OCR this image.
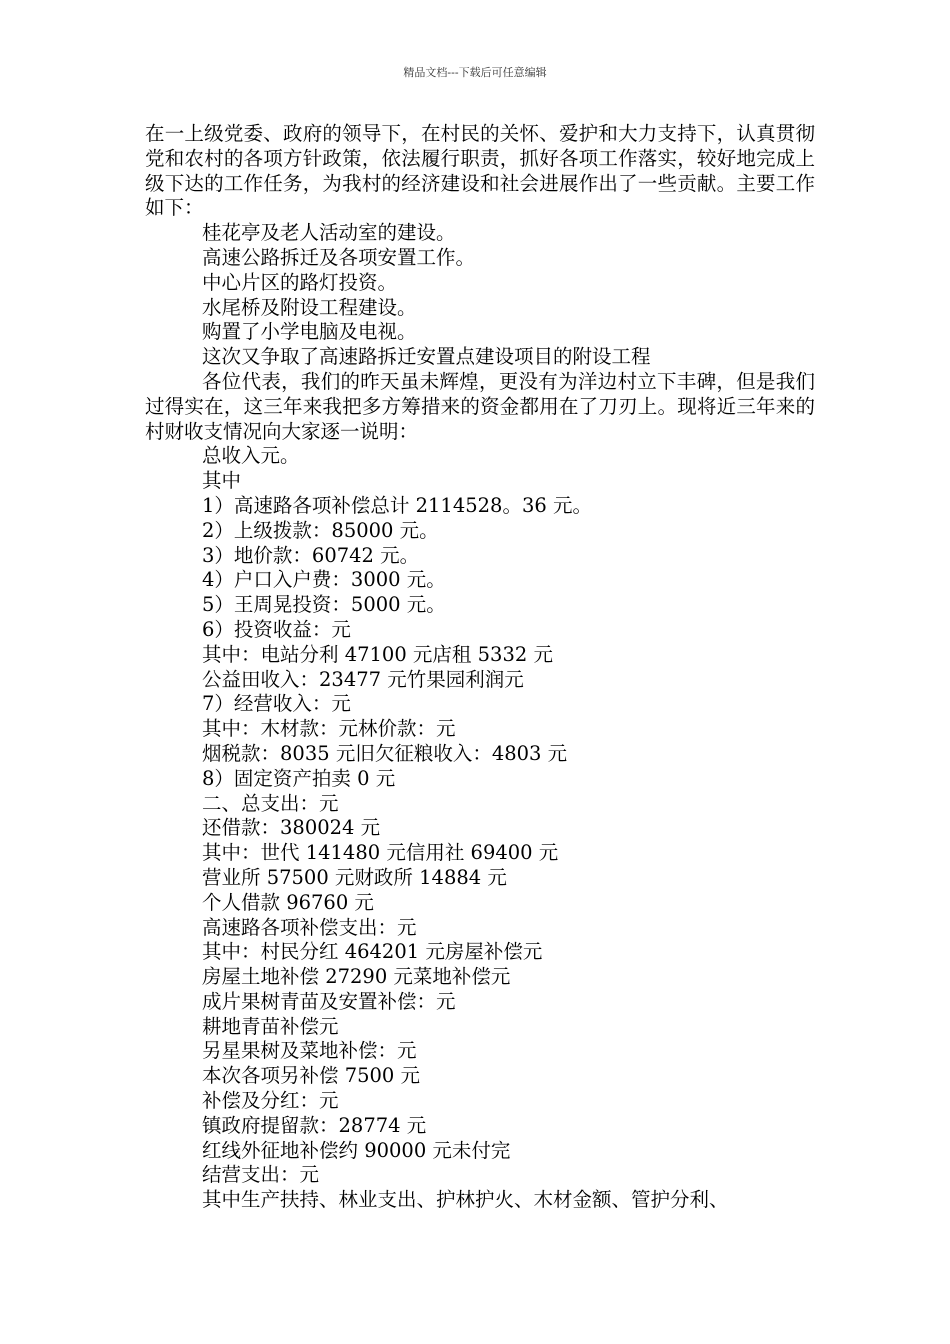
精品文档---下载后可任意编辑

在一上级党委、政府的领导下，在村民的关怀、爱护和大力支持下，认真贯彻党和农村的各项方针政策，依法履行职责，抓好各项工作落实，较好地完成上级下达的工作任务，为我村的经济建设和社会进展作出了一些贡献。主要工作如下：

桂花亭及老人活动室的建设。

高速公路拆迁及各项安置工作。

中心片区的路灯投资。

水尾桥及附设工程建设。

购置了小学电脑及电视。

这次又争取了高速路拆迁安置点建设项目的附设工程

各位代表，我们的昨天虽未辉煌，更没有为洋边村立下丰碑，但是我们过得实在，这三年来我把多方筹措来的资金都用在了刀刃上。现将近三年来的村财收支情况向大家逐一说明：

总收入元。

其中

1）高速路各项补偿总计 2114528。36 元。

2）上级拨款：85000 元。

3）地价款：60742 元。

4）户口入户费：3000 元。

5）王周晃投资：5000 元。

6）投资收益：元

其中：电站分利 47100 元店租 5332 元

公益田收入：23477 元竹果园利润元

7）经营收入：元

其中：木材款：元林价款：元

烟税款：8035 元旧欠征粮收入：4803 元

8）固定资产拍卖 0 元

二、总支出：元

还借款：380024 元

其中：世代 141480 元信用社 69400 元

营业所 57500 元财政所 14884 元

个人借款 96760 元

高速路各项补偿支出：元

其中：村民分红 464201 元房屋补偿元

房屋土地补偿 27290 元菜地补偿元

成片果树青苗及安置补偿：元

耕地青苗补偿元

另星果树及菜地补偿：元

本次各项另补偿 7500 元

补偿及分红：元

镇政府提留款：28774 元

红线外征地补偿约 90000 元未付完

结营支出：元

其中生产扶持、林业支出、护林护火、木材金额、管护分利、
